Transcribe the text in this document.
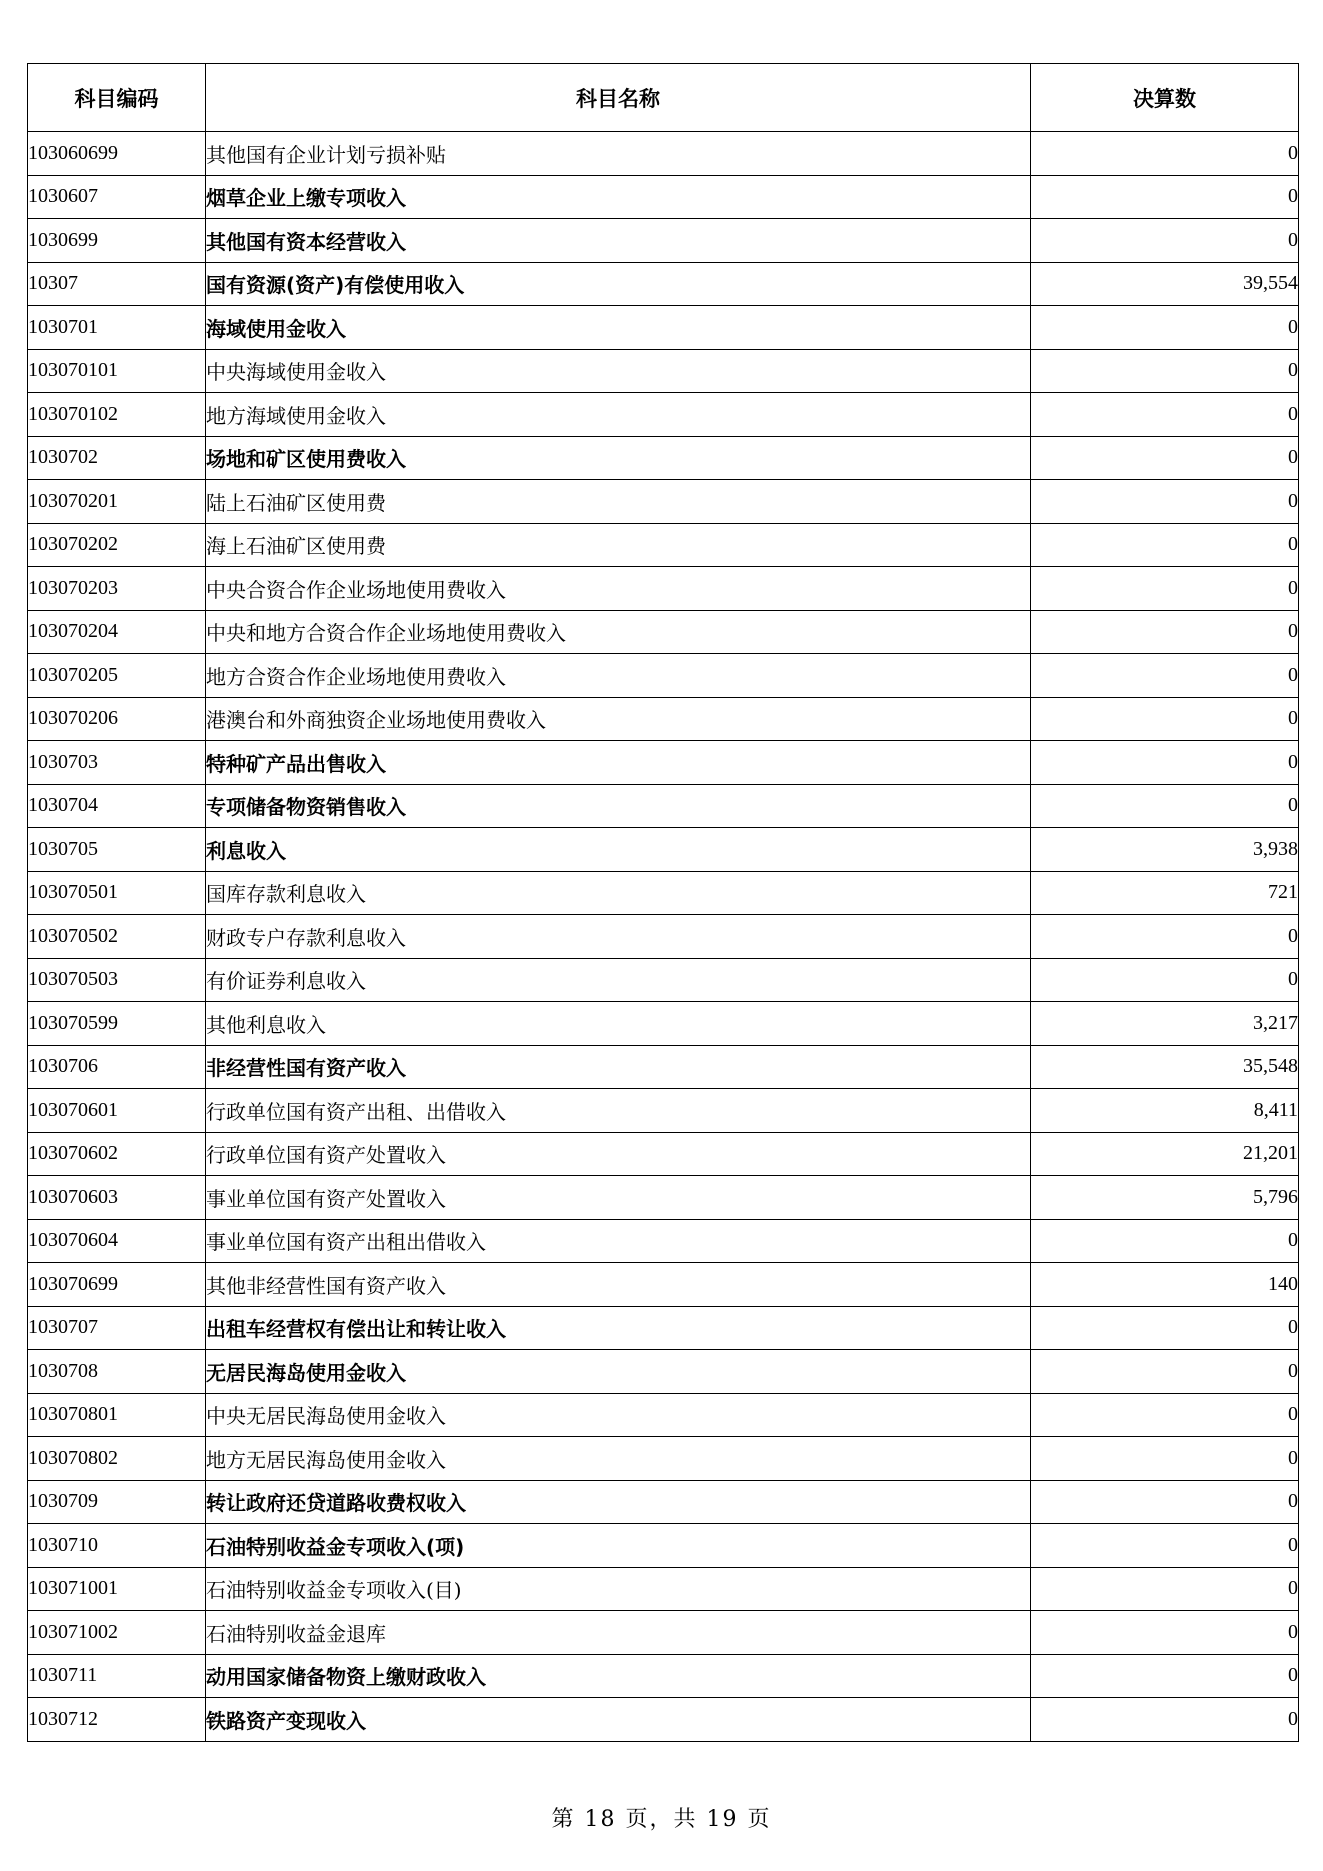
科目编码	科目名称	决算数
103060699	其他国有企业计划亏损补贴	0
1030607	烟草企业上缴专项收入	0
1030699	其他国有资本经营收入	0
10307	国有资源(资产)有偿使用收入	39,554
1030701	海域使用金收入	0
103070101	中央海域使用金收入	0
103070102	地方海域使用金收入	0
1030702	场地和矿区使用费收入	0
103070201	陆上石油矿区使用费	0
103070202	海上石油矿区使用费	0
103070203	中央合资合作企业场地使用费收入	0
103070204	中央和地方合资合作企业场地使用费收入	0
103070205	地方合资合作企业场地使用费收入	0
103070206	港澳台和外商独资企业场地使用费收入	0
1030703	特种矿产品出售收入	0
1030704	专项储备物资销售收入	0
1030705	利息收入	3,938
103070501	国库存款利息收入	721
103070502	财政专户存款利息收入	0
103070503	有价证券利息收入	0
103070599	其他利息收入	3,217
1030706	非经营性国有资产收入	35,548
103070601	行政单位国有资产出租、出借收入	8,411
103070602	行政单位国有资产处置收入	21,201
103070603	事业单位国有资产处置收入	5,796
103070604	事业单位国有资产出租出借收入	0
103070699	其他非经营性国有资产收入	140
1030707	出租车经营权有偿出让和转让收入	0
1030708	无居民海岛使用金收入	0
103070801	中央无居民海岛使用金收入	0
103070802	地方无居民海岛使用金收入	0
1030709	转让政府还贷道路收费权收入	0
1030710	石油特别收益金专项收入(项)	0
103071001	石油特别收益金专项收入(目)	0
103071002	石油特别收益金退库	0
1030711	动用国家储备物资上缴财政收入	0
1030712	铁路资产变现收入	0
第 18 页，共 19 页
